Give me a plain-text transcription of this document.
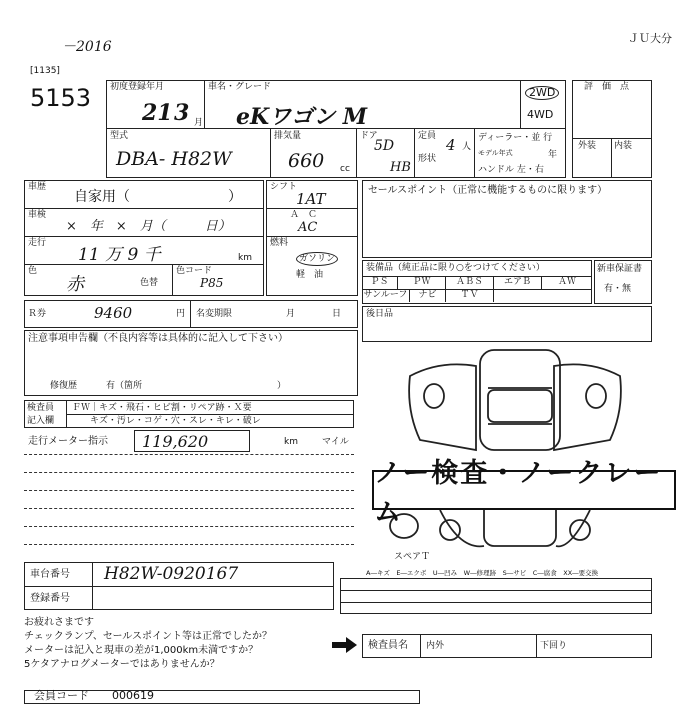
－2016
ＪＵ大分
[1135]
5153 初度登録年月
21 3 月
車名・グレード
eKワゴン M
2WD
4WD
型式
DBA- H82W
排気量
660 cc
ドア
5D
形状
HB
定員 4 人
ディーラー・並 行
モデル年式	年
ハンドル 左・右
評　価　点
外装 内装
車歴
自家用（　　　　　　　）
車検
×　年　×　月（　　　日）
走行
11 万 9 千	km
色
赤	色替
色コード
P85
シフト
1AT
Ａ　Ｃ
AC
燃料
ガソリン
軽　油
セールスポイント（正常に機能するものに限ります）
装備品（純正品に限り○をつけてください）
ＰＳ	ＰＷ	ＡＢＳ	エアＢ	ＡＷ
サンルーフ	ナビ	ＴＶ
新車保証書
有・無
Ｒ券	9460	円 名変期限	月	日	後日品
注意事項申告欄（不良内容等は具体的に記入して下さい）
修復歴	有（箇所　　　　　　　　　　　　　　　）
検査員
記入欄
ＦＷ｜キズ・飛石・ヒビ割・リペア跡・Ｘ要
キズ・汚レ・コゲ・穴・スレ・キレ・破レ
走行メーター指示 119,620	km	マイル
ノー検査・ノークレーム
スペアＴ
A―キズ　E―エクボ　U―凹み　W―修理跡　S―サビ　C―腐食　XX―要交換
車台番号 H82W-0920167
登録番号
お疲れさまです
チェックランプ、セールスポイント等は正常でしたか？
メーターは記入と現車の差が1,000km未満ですか？
5ケタアナログメーターではありませんか？
検査員名 内外	下回り
会員コード 000619
